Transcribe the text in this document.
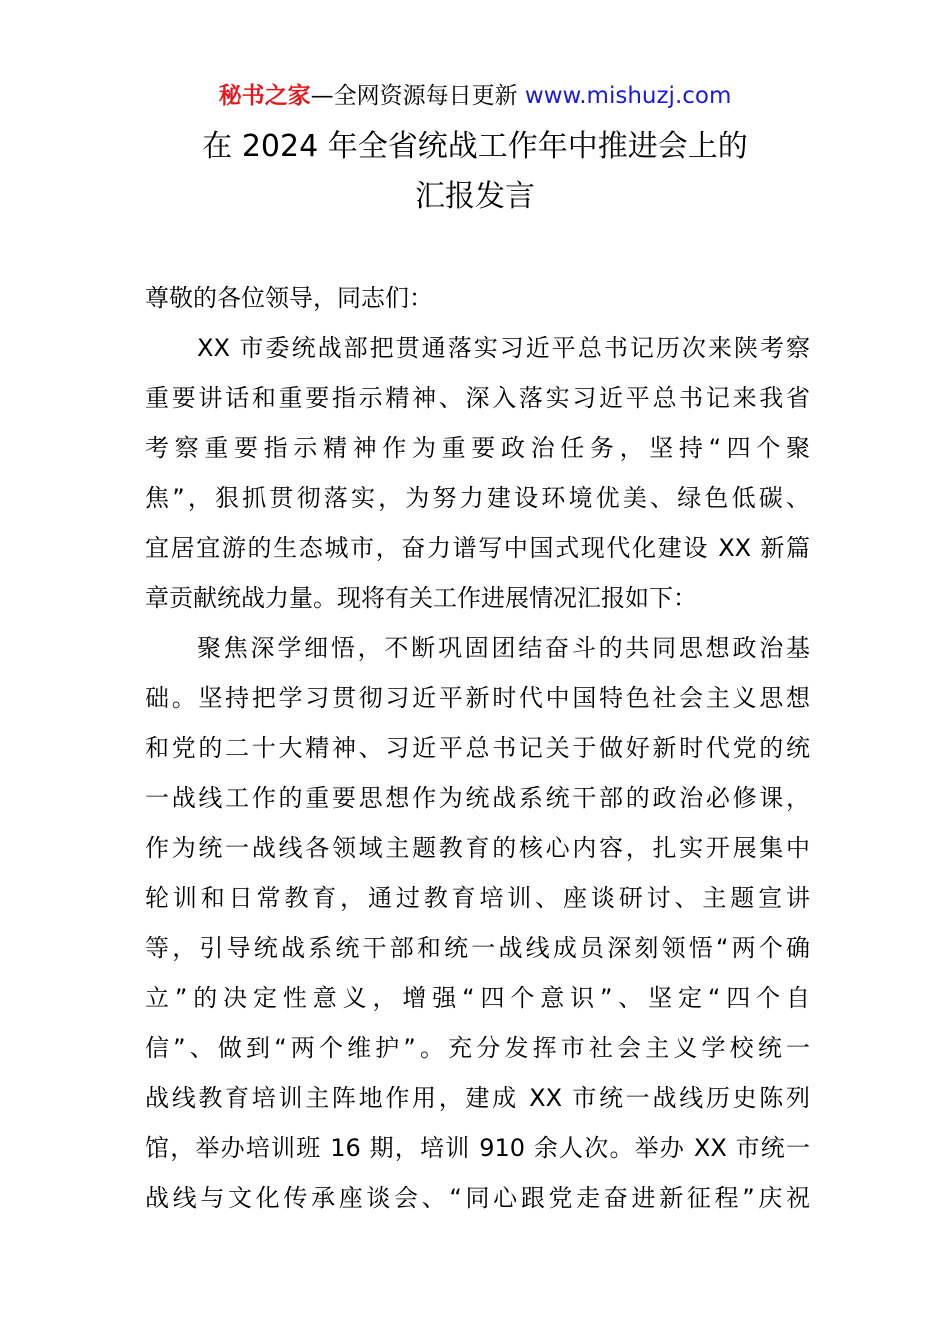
秘书之家—全网资源每日更新 www.mishuzj.com
在 2024 年全省统战工作年中推进会上的
汇报发言
尊敬的各位领导，同志们：
XX 市委统战部把贯通落实习近平总书记历次来陕考察
重要讲话和重要指示精神、深入落实习近平总书记来我省
考察重要指示精神作为重要政治任务，坚持“四个聚
焦”，狠抓贯彻落实，为努力建设环境优美、绿色低碳、
宜居宜游的生态城市，奋力谱写中国式现代化建设 XX 新篇
章贡献统战力量。现将有关工作进展情况汇报如下：
聚焦深学细悟，不断巩固团结奋斗的共同思想政治基
础。坚持把学习贯彻习近平新时代中国特色社会主义思想
和党的二十大精神、习近平总书记关于做好新时代党的统
一战线工作的重要思想作为统战系统干部的政治必修课，
作为统一战线各领域主题教育的核心内容，扎实开展集中
轮训和日常教育，通过教育培训、座谈研讨、主题宣讲
等，引导统战系统干部和统一战线成员深刻领悟“两个确
立”的决定性意义，增强“四个意识”、坚定“四个自
信”、做到“两个维护”。充分发挥市社会主义学校统一
战线教育培训主阵地作用，建成 XX 市统一战线历史陈列
馆，举办培训班 16 期，培训 910 余人次。举办 XX 市统一
战线与文化传承座谈会、“同心跟党走奋进新征程”庆祝
